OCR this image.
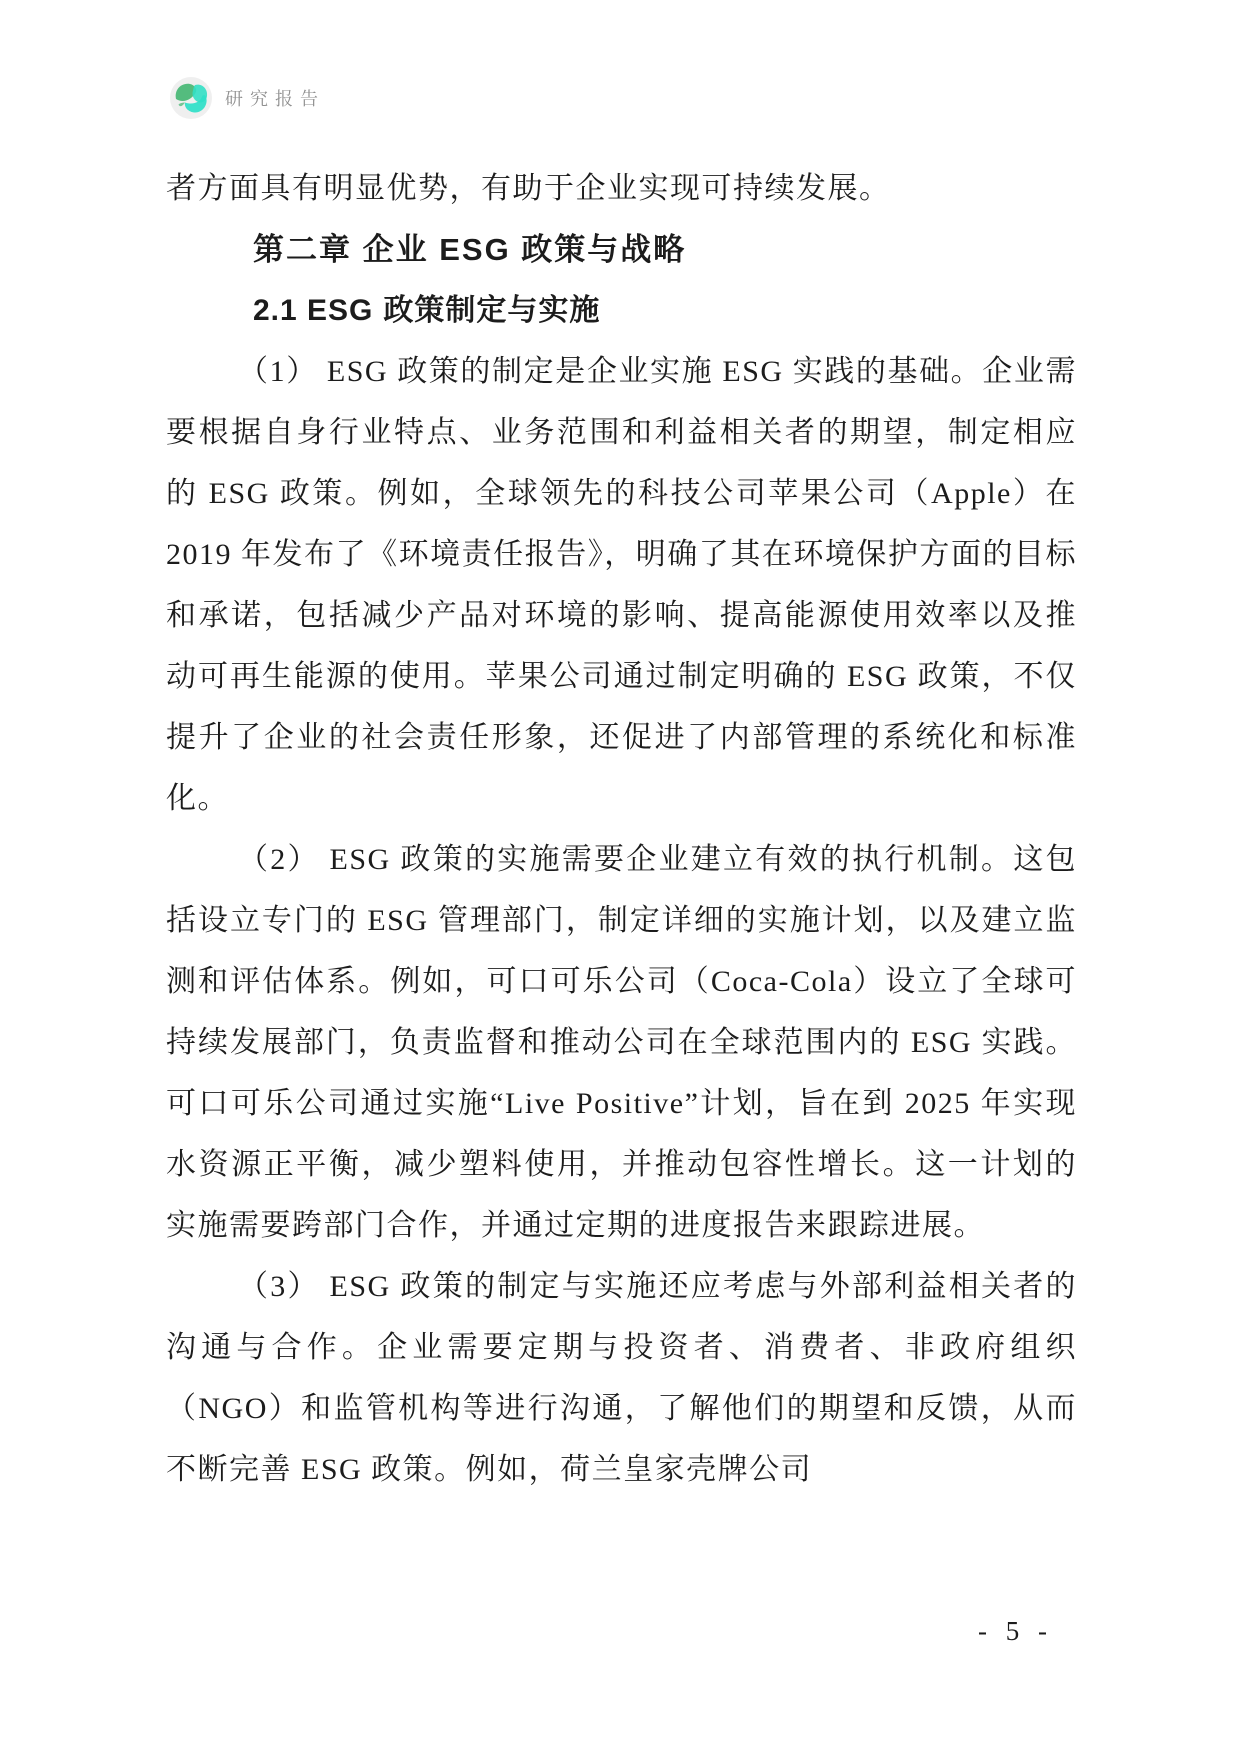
研究报告

者方面具有明显优势，有助于企业实现可持续发展。

第二章 企业 ESG 政策与战略
2.1 ESG 政策制定与实施

（1） ESG 政策的制定是企业实施 ESG 实践的基础。企业需要根据自身行业特点、业务范围和利益相关者的期望，制定相应的 ESG 政策。例如，全球领先的科技公司苹果公司（Apple）在 2019 年发布了《环境责任报告》，明确了其在环境保护方面的目标和承诺，包括减少产品对环境的影响、提高能源使用效率以及推动可再生能源的使用。苹果公司通过制定明确的 ESG 政策，不仅提升了企业的社会责任形象，还促进了内部管理的系统化和标准化。

（2） ESG 政策的实施需要企业建立有效的执行机制。这包括设立专门的 ESG 管理部门，制定详细的实施计划，以及建立监测和评估体系。例如，可口可乐公司（Coca-Cola）设立了全球可持续发展部门，负责监督和推动公司在全球范围内的 ESG 实践。可口可乐公司通过实施“Live Positive”计划，旨在到 2025 年实现水资源正平衡，减少塑料使用，并推动包容性增长。这一计划的实施需要跨部门合作，并通过定期的进度报告来跟踪进展。

（3） ESG 政策的制定与实施还应考虑与外部利益相关者的沟通与合作。企业需要定期与投资者、消费者、非政府组织（NGO）和监管机构等进行沟通，了解他们的期望和反馈，从而不断完善 ESG 政策。例如，荷兰皇家壳牌公司

- 5 -
